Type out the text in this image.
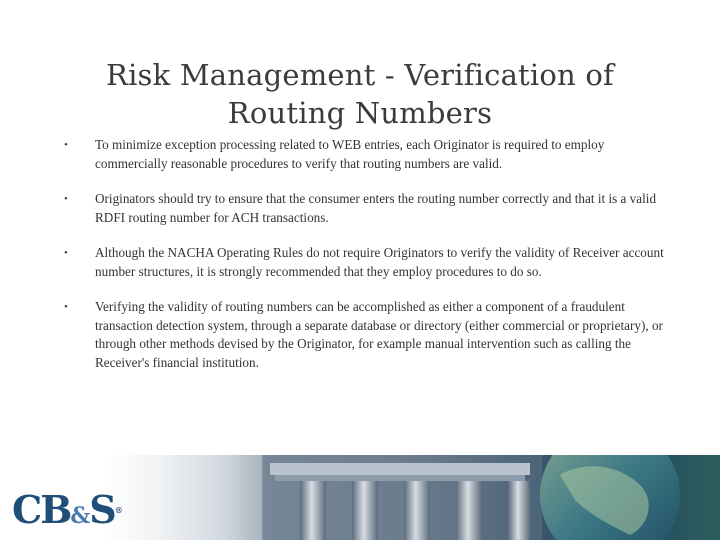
Risk Management - Verification of
Routing Numbers
• To minimize exception processing related to WEB entries, each Originator is required to employ commercially reasonable procedures to verify that routing numbers are valid.
• Originators should try to ensure that the consumer enters the routing number correctly and that it is a valid RDFI routing number for ACH transactions.
• Although the NACHA Operating Rules do not require Originators to verify the validity of Receiver account number structures, it is strongly recommended that they employ procedures to do so.
• Verifying the validity of routing numbers can be accomplished as either a component of a fraudulent transaction detection system, through a separate database or directory (either commercial or proprietary), or through other methods devised by the Originator, for example manual intervention such as calling the Receiver's financial institution.
CB&S®
